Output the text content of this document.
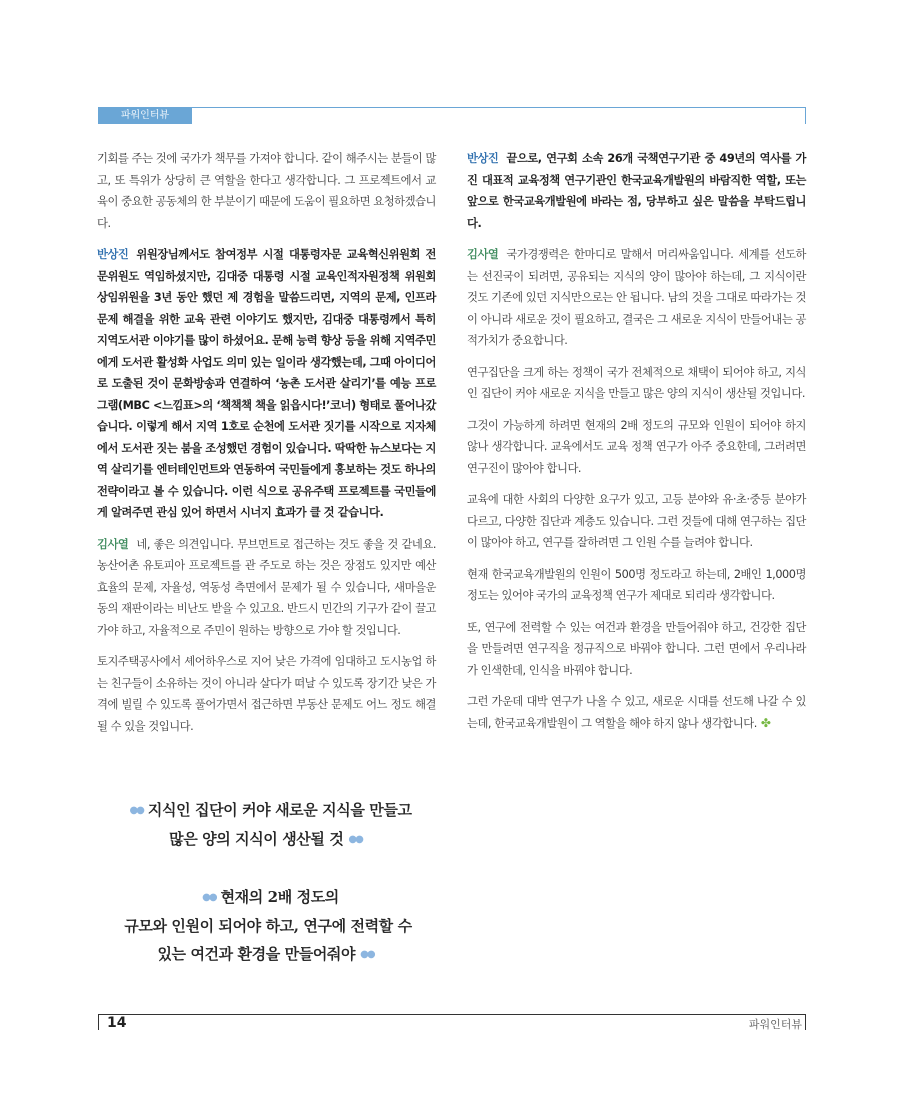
파워인터뷰

기회를 주는 것에 국가가 책무를 가져야 합니다. 같이 해주시는 분들이 많고, 또 특위가 상당히 큰 역할을 한다고 생각합니다. 그 프로젝트에서 교육이 중요한 공동체의 한 부분이기 때문에 도움이 필요하면 요청하겠습니다.

반상진 위원장님께서도 참여정부 시절 대통령자문 교육혁신위원회 전문위원도 역임하셨지만, 김대중 대통령 시절 교육인적자원정책 위원회 상임위원을 3년 동안 했던 제 경험을 말씀드리면, 지역의 문제, 인프라 문제 해결을 위한 교육 관련 이야기도 했지만, 김대중 대통령께서 특히 지역도서관 이야기를 많이 하셨어요. 문해 능력 향상 등을 위해 지역주민에게 도서관 활성화 사업도 의미 있는 일이라 생각했는데, 그때 아이디어로 도출된 것이 문화방송과 연결하여 ‘농촌 도서관 살리기’를 예능 프로그램(MBC <느낌표>의 ‘책책책 책을 읽읍시다!’코너) 형태로 풀어나갔습니다. 이렇게 해서 지역 1호로 순천에 도서관 짓기를 시작으로 지자체에서 도서관 짓는 붐을 조성했던 경험이 있습니다. 딱딱한 뉴스보다는 지역 살리기를 엔터테인먼트와 연동하여 국민들에게 홍보하는 것도 하나의 전략이라고 볼 수 있습니다. 이런 식으로 공유주택 프로젝트를 국민들에게 알려주면 관심 있어 하면서 시너지 효과가 클 것 같습니다.

김사열 네, 좋은 의견입니다. 무브먼트로 접근하는 것도 좋을 것 같네요. 농산어촌 유토피아 프로젝트를 관 주도로 하는 것은 장점도 있지만 예산 효율의 문제, 자율성, 역동성 측면에서 문제가 될 수 있습니다, 새마을운동의 재판이라는 비난도 받을 수 있고요. 반드시 민간의 기구가 같이 끌고 가야 하고, 자율적으로 주민이 원하는 방향으로 가야 할 것입니다.

토지주택공사에서 셰어하우스로 지어 낮은 가격에 임대하고 도시농업 하는 친구들이 소유하는 것이 아니라 살다가 떠날 수 있도록 장기간 낮은 가격에 빌릴 수 있도록 풀어가면서 접근하면 부동산 문제도 어느 정도 해결될 수 있을 것입니다.

반상진 끝으로, 연구회 소속 26개 국책연구기관 중 49년의 역사를 가진 대표적 교육정책 연구기관인 한국교육개발원의 바람직한 역할, 또는 앞으로 한국교육개발원에 바라는 점, 당부하고 싶은 말씀을 부탁드립니다.

김사열 국가경쟁력은 한마디로 말해서 머리싸움입니다. 세계를 선도하는 선진국이 되려면, 공유되는 지식의 양이 많아야 하는데, 그 지식이란 것도 기존에 있던 지식만으로는 안 됩니다. 남의 것을 그대로 따라가는 것이 아니라 새로운 것이 필요하고, 결국은 그 새로운 지식이 만들어내는 공적가치가 중요합니다.

연구집단을 크게 하는 정책이 국가 전체적으로 채택이 되어야 하고, 지식인 집단이 커야 새로운 지식을 만들고 많은 양의 지식이 생산될 것입니다.

그것이 가능하게 하려면 현재의 2배 정도의 규모와 인원이 되어야 하지 않나 생각합니다. 교육에서도 교육 정책 연구가 아주 중요한데, 그러려면 연구진이 많아야 합니다.

교육에 대한 사회의 다양한 요구가 있고, 고등 분야와 유·초·중등 분야가 다르고, 다양한 집단과 계층도 있습니다. 그런 것들에 대해 연구하는 집단이 많아야 하고, 연구를 잘하려면 그 인원 수를 늘려야 합니다.

현재 한국교육개발원의 인원이 500명 정도라고 하는데, 2배인 1,000명 정도는 있어야 국가의 교육정책 연구가 제대로 되리라 생각합니다.

또, 연구에 전력할 수 있는 여건과 환경을 만들어줘야 하고, 건강한 집단을 만들려면 연구직을 정규직으로 바꿔야 합니다. 그런 면에서 우리나라가 인색한데, 인식을 바꿔야 합니다.

그런 가운데 대박 연구가 나올 수 있고, 새로운 시대를 선도해 나갈 수 있는데, 한국교육개발원이 그 역할을 해야 하지 않나 생각합니다. ✤

●● 지식인 집단이 커야 새로운 지식을 만들고
많은 양의 지식이 생산될 것 ●●
●● 현재의 2배 정도의
규모와 인원이 되어야 하고, 연구에 전력할 수
있는 여건과 환경을 만들어줘야 ●●
14	파워인터뷰
